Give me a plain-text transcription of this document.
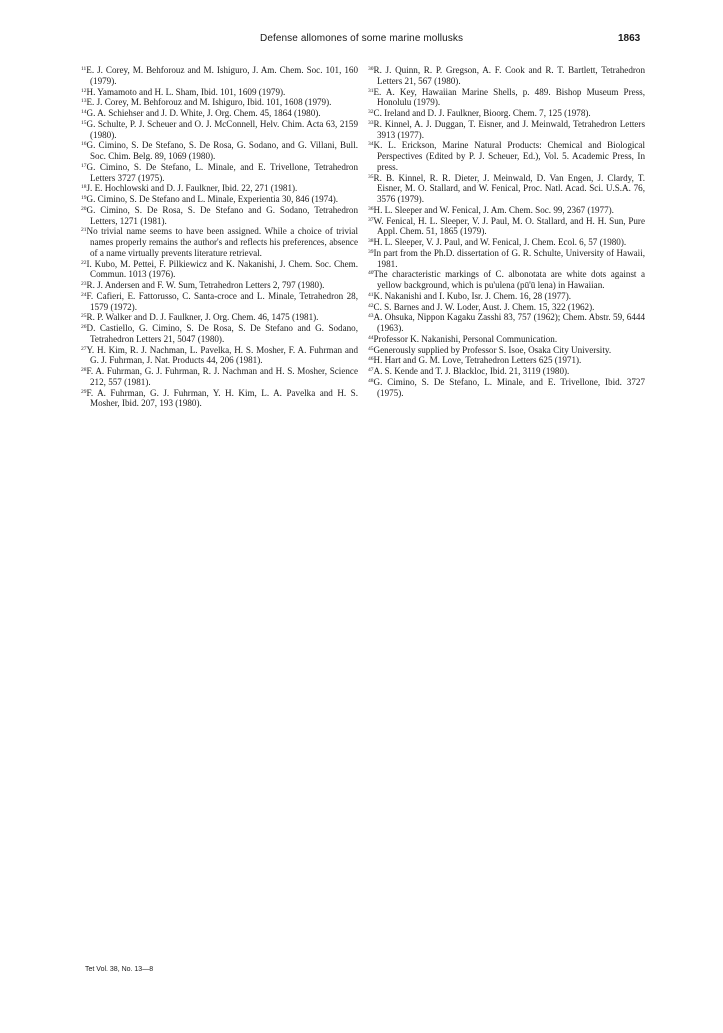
Defense allomones of some marine mollusks	1863

$^{11}$E. J. Corey, M. Behforouz and M. Ishiguro, J. Am. Chem. Soc. 101, 160 (1979).

$^{12}$H. Yamamoto and H. L. Sham, Ibid. 101, 1609 (1979).

$^{13}$E. J. Corey, M. Behforouz and M. Ishiguro, Ibid. 101, 1608 (1979).

$^{14}$G. A. Schiehser and J. D. White, J. Org. Chem. 45, 1864 (1980).

$^{15}$G. Schulte, P. J. Scheuer and O. J. McConnell, Helv. Chim. Acta 63, 2159 (1980).

$^{16}$G. Cimino, S. De Stefano, S. De Rosa, G. Sodano, and G. Villani, Bull. Soc. Chim. Belg. 89, 1069 (1980).

$^{17}$G. Cimino, S. De Stefano, L. Minale, and E. Trivellone, Tetrahedron Letters 3727 (1975).

$^{18}$J. E. Hochlowski and D. J. Faulkner, Ibid. 22, 271 (1981).

$^{19}$G. Cimino, S. De Stefano and L. Minale, Experientia 30, 846 (1974).

$^{20}$G. Cimino, S. De Rosa, S. De Stefano and G. Sodano, Tetrahedron Letters, 1271 (1981).

$^{21}$No trivial name seems to have been assigned. While a choice of trivial names properly remains the author's and reflects his preferences, absence of a name virtually prevents literature retrieval.

$^{22}$I. Kubo, M. Pettei, F. Pilkiewicz and K. Nakanishi, J. Chem. Soc. Chem. Commun. 1013 (1976).

$^{23}$R. J. Andersen and F. W. Sum, Tetrahedron Letters 2, 797 (1980).

$^{24}$F. Cafieri, E. Fattorusso, C. Santa-croce and L. Minale, Tetrahedron 28, 1579 (1972).

$^{25}$R. P. Walker and D. J. Faulkner, J. Org. Chem. 46, 1475 (1981).

$^{26}$D. Castiello, G. Cimino, S. De Rosa, S. De Stefano and G. Sodano, Tetrahedron Letters 21, 5047 (1980).

$^{27}$Y. H. Kim, R. J. Nachman, L. Pavelka, H. S. Mosher, F. A. Fuhrman and G. J. Fuhrman, J. Nat. Products 44, 206 (1981).

$^{28}$F. A. Fuhrman, G. J. Fuhrman, R. J. Nachman and H. S. Mosher, Science 212, 557 (1981).

$^{29}$F. A. Fuhrman, G. J. Fuhrman, Y. H. Kim, L. A. Pavelka and H. S. Mosher, Ibid. 207, 193 (1980).

$^{30}$R. J. Quinn, R. P. Gregson, A. F. Cook and R. T. Bartlett, Tetrahedron Letters 21, 567 (1980).

$^{31}$E. A. Key, Hawaiian Marine Shells, p. 489. Bishop Museum Press, Honolulu (1979).

$^{32}$C. Ireland and D. J. Faulkner, Bioorg. Chem. 7, 125 (1978).

$^{33}$R. Kinnel, A. J. Duggan, T. Eisner, and J. Meinwald, Tetrahedron Letters 3913 (1977).

$^{34}$K. L. Erickson, Marine Natural Products: Chemical and Biological Perspectives (Edited by P. J. Scheuer, Ed.), Vol. 5. Academic Press, In press.

$^{35}$R. B. Kinnel, R. R. Dieter, J. Meinwald, D. Van Engen, J. Clardy, T. Eisner, M. O. Stallard, and W. Fenical, Proc. Natl. Acad. Sci. U.S.A. 76, 3576 (1979).

$^{36}$H. L. Sleeper and W. Fenical, J. Am. Chem. Soc. 99, 2367 (1977).

$^{37}$W. Fenical, H. L. Sleeper, V. J. Paul, M. O. Stallard, and H. H. Sun, Pure Appl. Chem. 51, 1865 (1979).

$^{38}$H. L. Sleeper, V. J. Paul, and W. Fenical, J. Chem. Ecol. 6, 57 (1980).

$^{39}$In part from the Ph.D. dissertation of G. R. Schulte, University of Hawaii, 1981.

$^{40}$The characteristic markings of C. albonotata are white dots against a yellow background, which is pu'ulena (pū'ū lena) in Hawaiian.

$^{41}$K. Nakanishi and I. Kubo, Isr. J. Chem. 16, 28 (1977).

$^{42}$C. S. Barnes and J. W. Loder, Aust. J. Chem. 15, 322 (1962).

$^{43}$A. Ohsuka, Nippon Kagaku Zasshi 83, 757 (1962); Chem. Abstr. 59, 6444 (1963).

$^{44}$Professor K. Nakanishi, Personal Communication.

$^{45}$Generously supplied by Professor S. Isoe, Osaka City University.

$^{46}$H. Hart and G. M. Love, Tetrahedron Letters 625 (1971).

$^{47}$A. S. Kende and T. J. Blackloc, Ibid. 21, 3119 (1980).

$^{48}$G. Cimino, S. De Stefano, L. Minale, and E. Trivellone, Ibid. 3727 (1975).

Tet Vol. 38, No. 13—8
